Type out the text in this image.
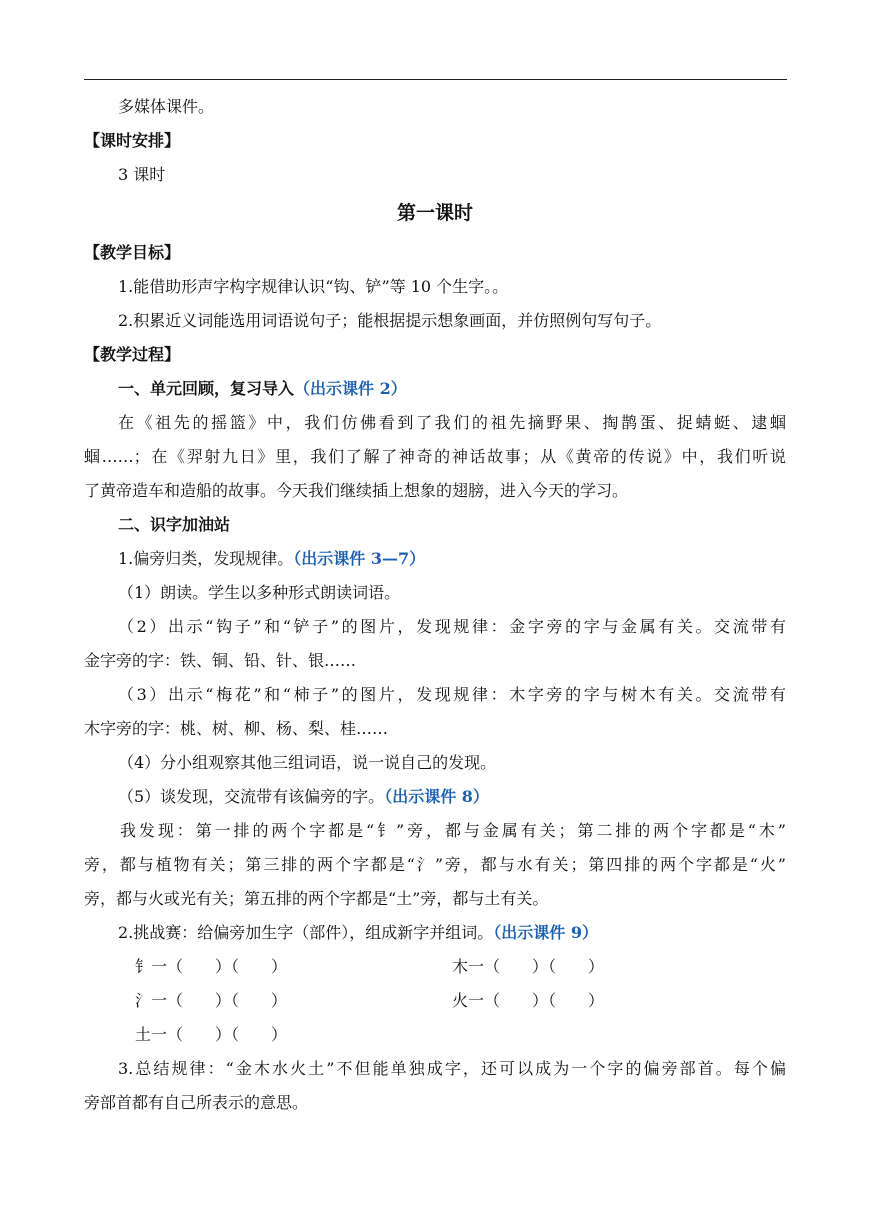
多媒体课件。
【课时安排】
3 课时
第一课时
【教学目标】
1.能借助形声字构字规律认识“钩、铲”等 10 个生字。。
2.积累近义词能选用词语说句子；能根据提示想象画面，并仿照例句写句子。
【教学过程】
一、单元回顾，复习导入（出示课件 2）
在《祖先的摇篮》中，我们仿佛看到了我们的祖先摘野果、掏鹊蛋、捉蜻蜓、逮蝈
蝈……；在《羿射九日》里，我们了解了神奇的神话故事；从《黄帝的传说》中，我们听说
了黄帝造车和造船的故事。今天我们继续插上想象的翅膀，进入今天的学习。
二、识字加油站
1.偏旁归类，发现规律。（出示课件 3—7）
（1）朗读。学生以多种形式朗读词语。
（2）出示“钩子”和“铲子”的图片，发现规律：金字旁的字与金属有关。交流带有
金字旁的字：铁、铜、铅、针、银……
（3）出示“梅花”和“柿子”的图片，发现规律：木字旁的字与树木有关。交流带有
木字旁的字：桃、树、柳、杨、梨、桂……
（4）分小组观察其他三组词语，说一说自己的发现。
（5）谈发现，交流带有该偏旁的字。（出示课件 8）
我发现：第一排的两个字都是“钅”旁，都与金属有关；第二排的两个字都是“木”
旁，都与植物有关；第三排的两个字都是“氵”旁，都与水有关；第四排的两个字都是“火”
旁，都与火或光有关；第五排的两个字都是“土”旁，都与土有关。
2.挑战赛：给偏旁加生字（部件），组成新字并组词。（出示课件 9）
钅一（　　）（　　）	木一（　　）（　　）
氵一（　　）（　　）	火一（　　）（　　）
土一（　　）（　　）
3.总结规律：“金木水火土”不但能单独成字，还可以成为一个字的偏旁部首。每个偏
旁部首都有自己所表示的意思。
